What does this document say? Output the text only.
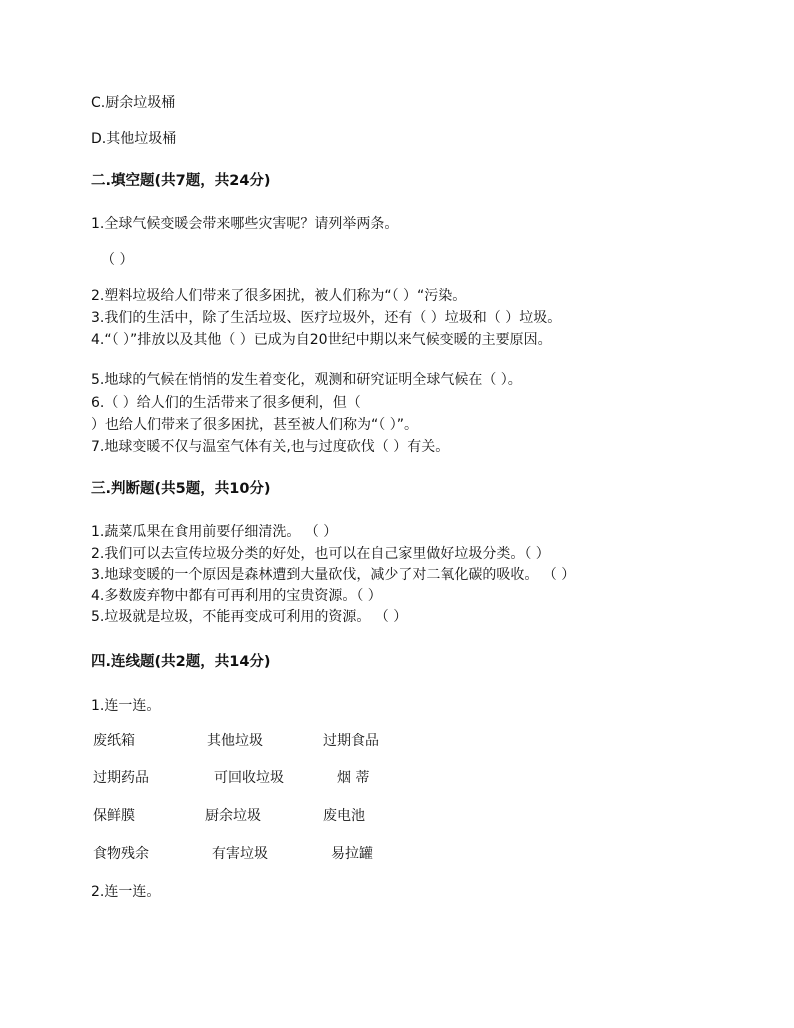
C.厨余垃圾桶
D.其他垃圾桶
二.填空题(共7题，共24分)
1.全球气候变暖会带来哪些灾害呢？请列举两条。
（ ）
2.塑料垃圾给人们带来了很多困扰，被人们称为“（ ）“污染。
3.我们的生活中，除了生活垃圾、医疗垃圾外，还有（ ）垃圾和（ ）垃圾。
4.“（ ）”排放以及其他（ ）已成为自20世纪中期以来气候变暖的主要原因。
5.地球的气候在悄悄的发生着变化，观测和研究证明全球气候在（ ）。
6.（ ）给人们的生活带来了很多便利，但（
）也给人们带来了很多困扰，甚至被人们称为“（ ）”。
7.地球变暖不仅与温室气体有关,也与过度砍伐（ ）有关。
三.判断题(共5题，共10分)
1.蔬菜瓜果在食用前要仔细清洗。 （ ）
2.我们可以去宣传垃圾分类的好处，也可以在自己家里做好垃圾分类。（ ）
3.地球变暖的一个原因是森林遭到大量砍伐，减少了对二氧化碳的吸收。 （ ）
4.多数废弃物中都有可再利用的宝贵资源。（ ）
5.垃圾就是垃圾，不能再变成可利用的资源。 （ ）
四.连线题(共2题，共14分)
1.连一连。
废纸箱	其他垃圾	过期食品
过期药品	可回收垃圾	烟 蒂
保鲜膜	厨余垃圾	废电池
食物残余	有害垃圾	易拉罐
2.连一连。
